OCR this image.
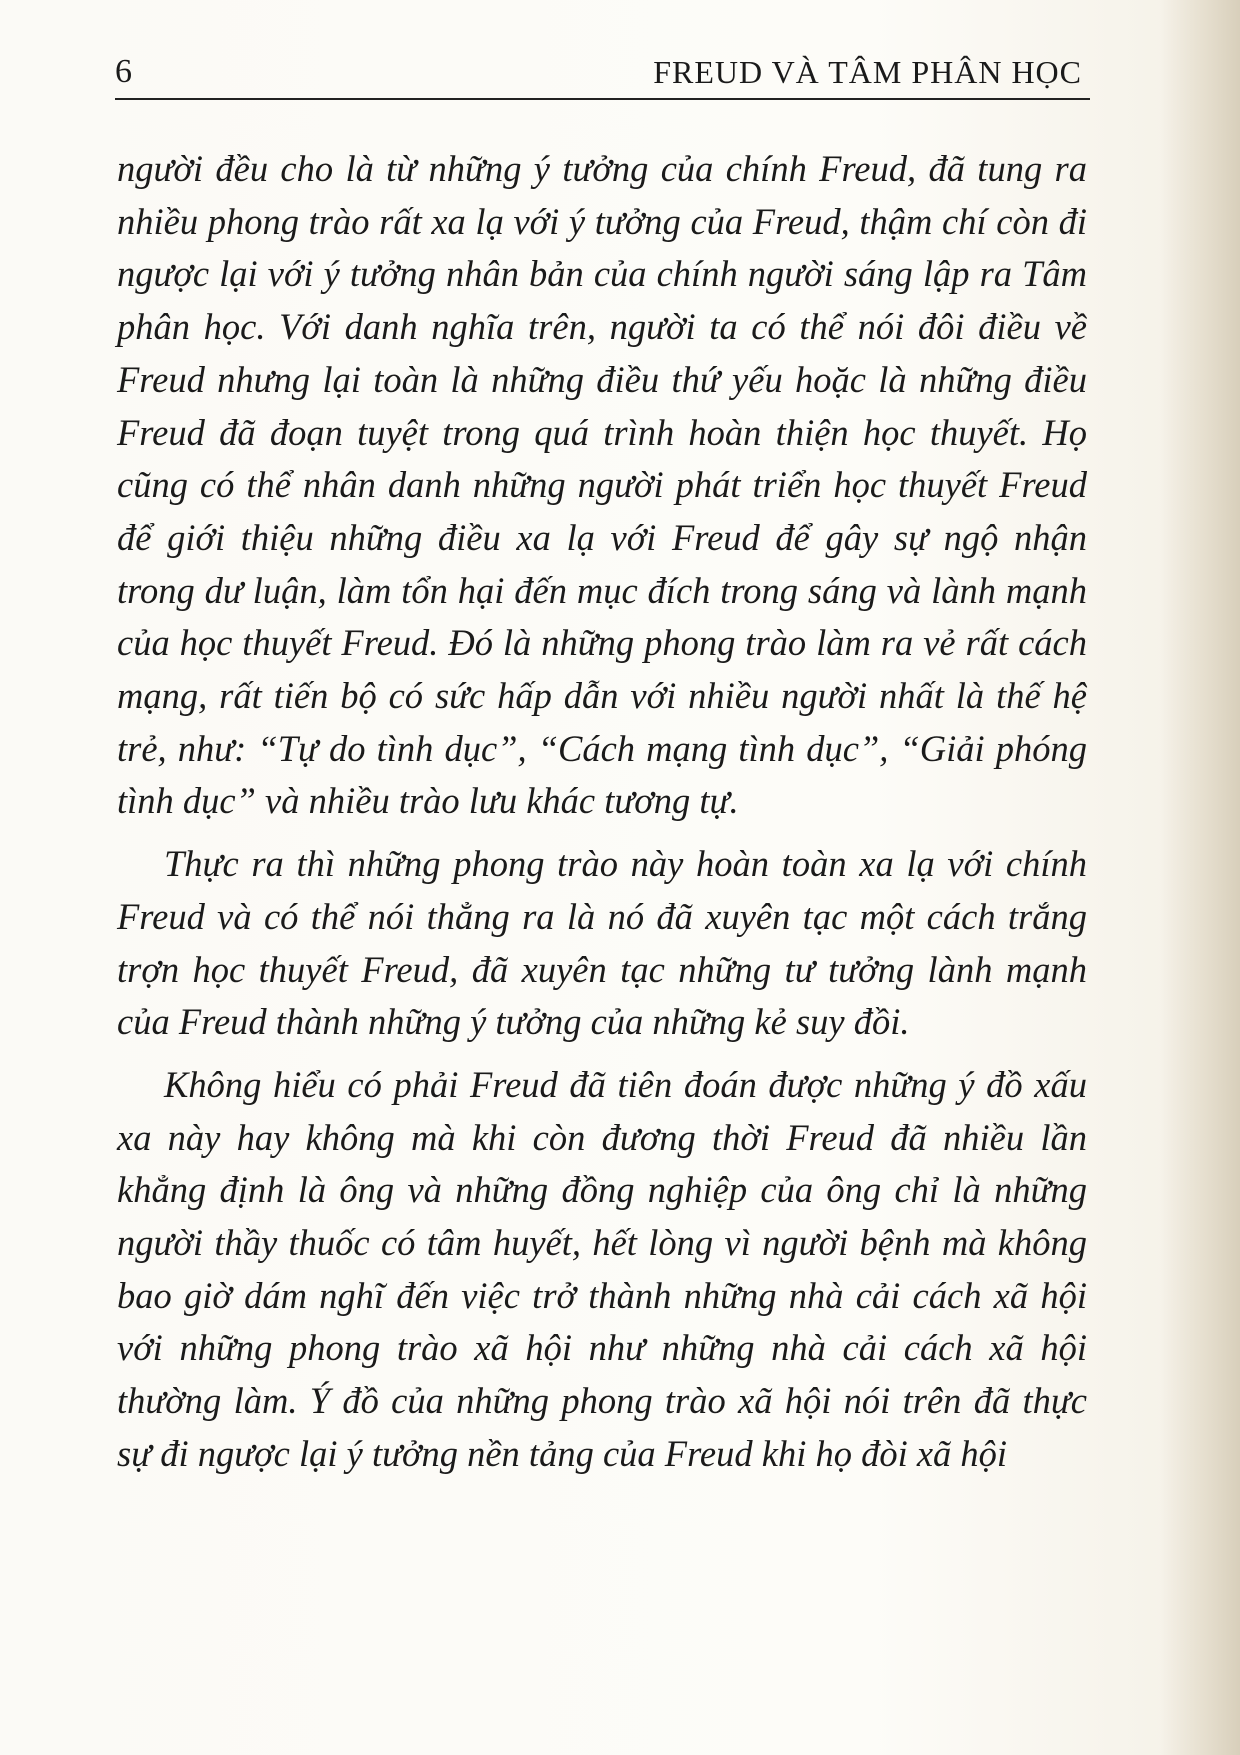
6	FREUD VÀ TÂM PHÂN HỌC

người đều cho là từ những ý tưởng của chính Freud, đã tung ra nhiều phong trào rất xa lạ với ý tưởng của Freud, thậm chí còn đi ngược lại với ý tưởng nhân bản của chính người sáng lập ra Tâm phân học. Với danh nghĩa trên, người ta có thể nói đôi điều về Freud nhưng lại toàn là những điều thứ yếu hoặc là những điều Freud đã đoạn tuyệt trong quá trình hoàn thiện học thuyết. Họ cũng có thể nhân danh những người phát triển học thuyết Freud để giới thiệu những điều xa lạ với Freud để gây sự ngộ nhận trong dư luận, làm tổn hại đến mục đích trong sáng và lành mạnh của học thuyết Freud. Đó là những phong trào làm ra vẻ rất cách mạng, rất tiến bộ có sức hấp dẫn với nhiều người nhất là thế hệ trẻ, như: “Tự do tình dục”, “Cách mạng tình dục”, “Giải phóng tình dục” và nhiều trào lưu khác tương tự.

Thực ra thì những phong trào này hoàn toàn xa lạ với chính Freud và có thể nói thẳng ra là nó đã xuyên tạc một cách trắng trợn học thuyết Freud, đã xuyên tạc những tư tưởng lành mạnh của Freud thành những ý tưởng của những kẻ suy đồi.

Không hiểu có phải Freud đã tiên đoán được những ý đồ xấu xa này hay không mà khi còn đương thời Freud đã nhiều lần khẳng định là ông và những đồng nghiệp của ông chỉ là những người thầy thuốc có tâm huyết, hết lòng vì người bệnh mà không bao giờ dám nghĩ đến việc trở thành những nhà cải cách xã hội với những phong trào xã hội như những nhà cải cách xã hội thường làm. Ý đồ của những phong trào xã hội nói trên đã thực sự đi ngược lại ý tưởng nền tảng của Freud khi họ đòi xã hội
